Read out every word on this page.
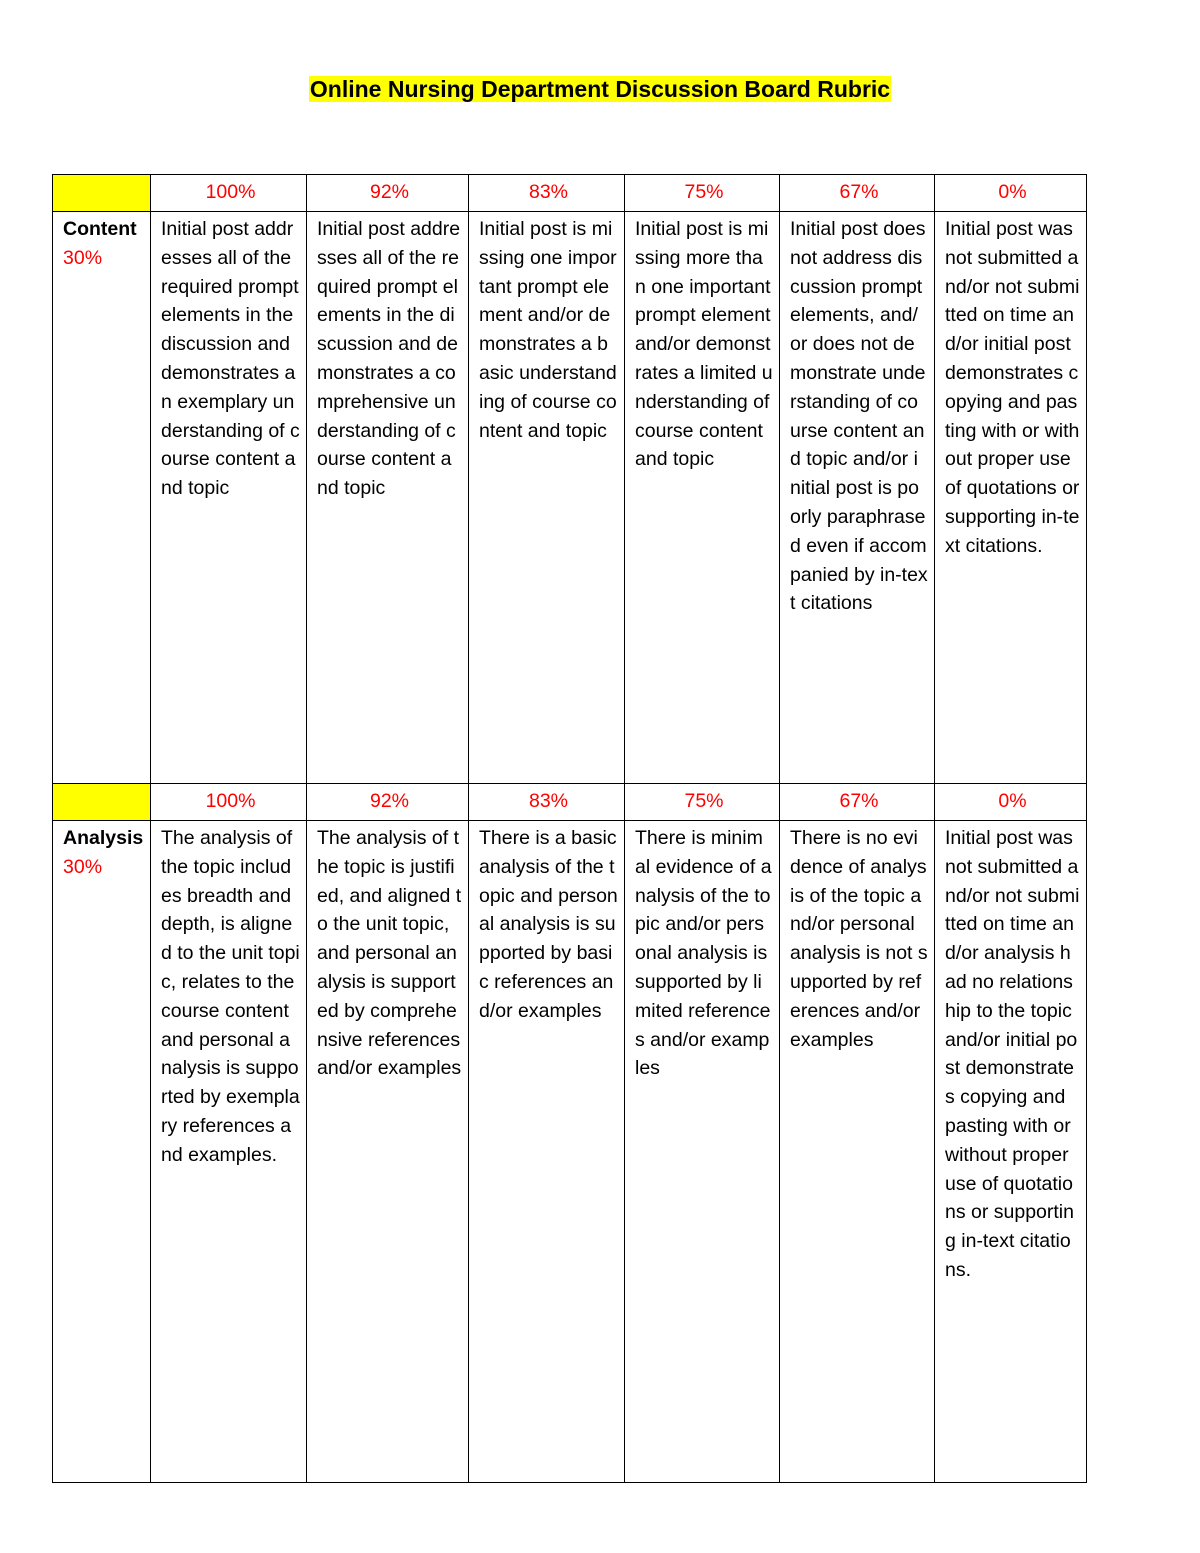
Online Nursing Department Discussion Board Rubric
	100%	92%	83%	75%	67%	0%
Content
30%	Initial post addresses all of the required prompt elements in the discussion and demonstrates an exemplary understanding of course content and topic	Initial post addresses all of the required prompt elements in the discussion and demonstrates a comprehensive understanding of course content and topic	Initial post is missing one important prompt element and/or demonstrates a basic understanding of course content and topic	Initial post is missing more than one important prompt element and/or demonstrates a limited understanding of course content and topic	Initial post does not address discussion prompt elements, and/or does not demonstrate understanding of course content and topic and/or initial post is poorly paraphrased even if accompanied by in-text citations	Initial post was not submitted and/or not submitted on time and/or initial post demonstrates copying and pasting with or without proper use of quotations or supporting in-text citations.
	100%	92%	83%	75%	67%	0%
Analysis
30%	The analysis of the topic includes breadth and depth, is aligned to the unit topic, relates to the course content and personal analysis is supported by exemplary references and examples.	The analysis of the topic is justified, and aligned to the unit topic, and personal analysis is supported by comprehensive references and/or examples	There is a basic analysis of the topic and personal analysis is supported by basic references and/or examples	There is minimal evidence of analysis of the topic and/or personal analysis is supported by limited references and/or examples	There is no evidence of analysis of the topic and/or personal analysis is not supported by references and/or examples	Initial post was not submitted and/or not submitted on time and/or analysis had no relationship to the topic and/or initial post demonstrates copying and pasting with or without proper use of quotations or supporting in-text citations.
